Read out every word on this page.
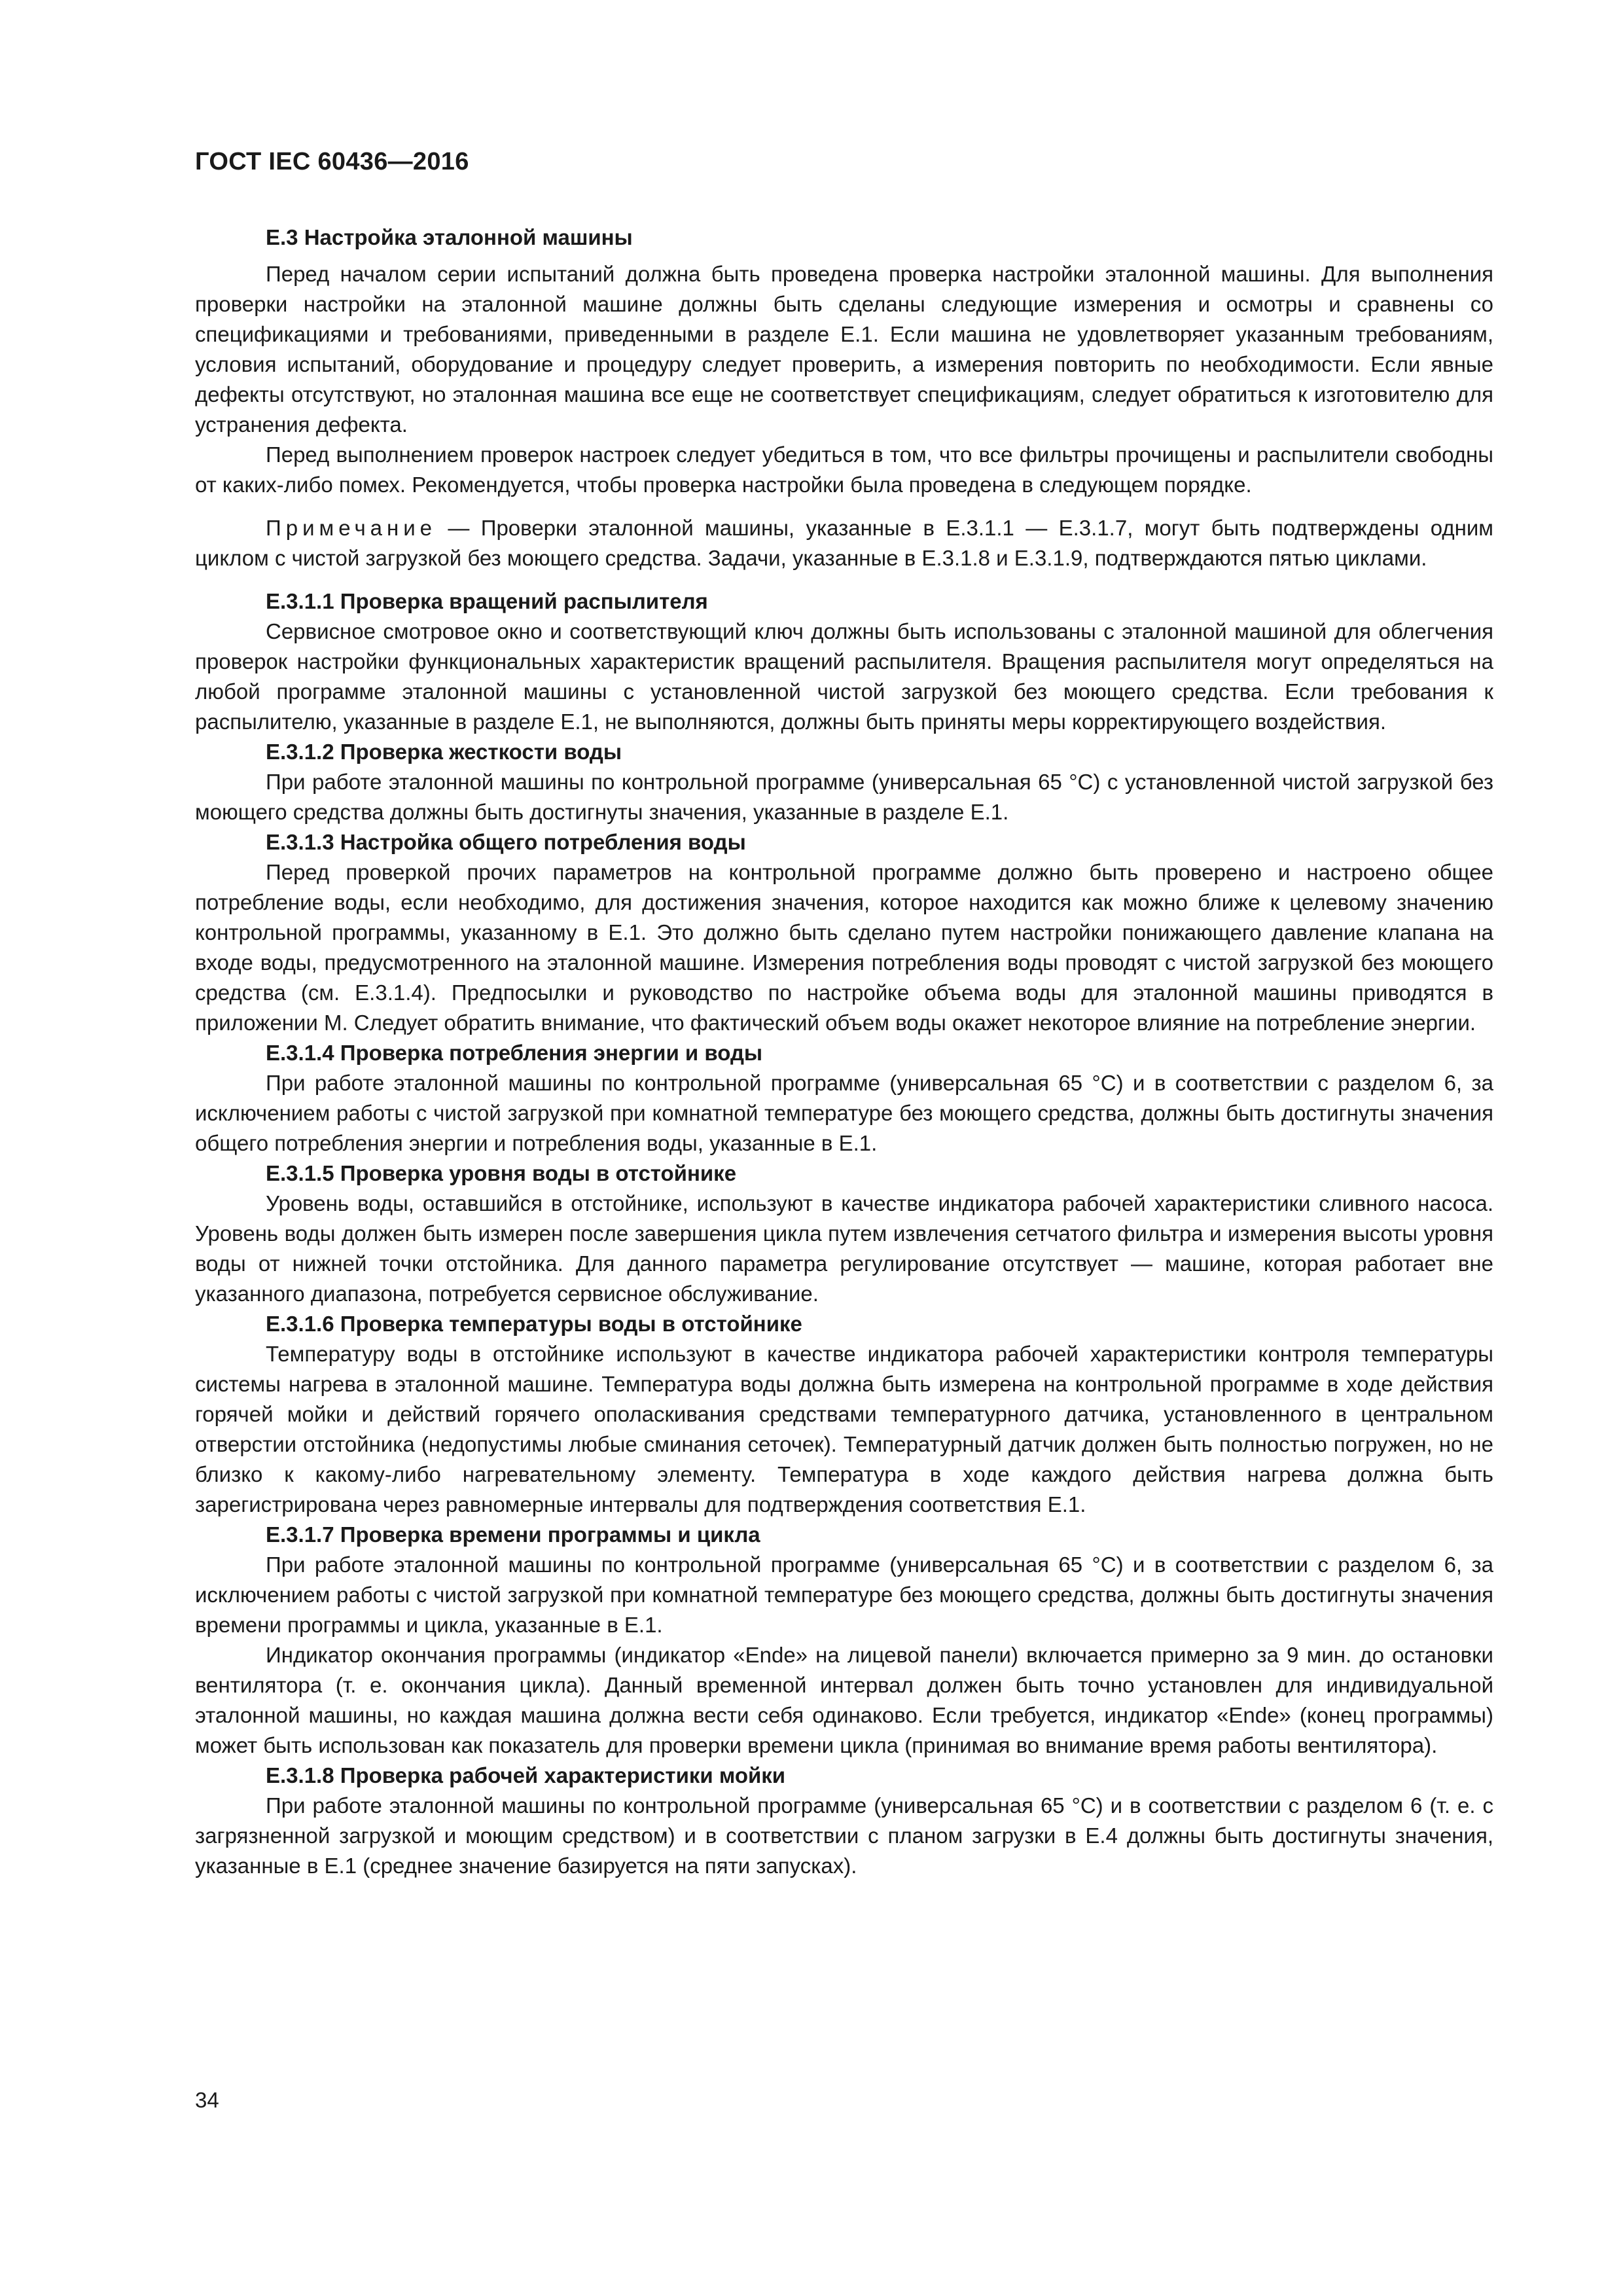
ГОСТ IEC 60436—2016
Е.3 Настройка эталонной машины

Перед началом серии испытаний должна быть проведена проверка настройки эталонной машины. Для выполнения проверки настройки на эталонной машине должны быть сделаны следующие измерения и осмотры и сравнены со спецификациями и требованиями, приведенными в разделе Е.1. Если машина не удовлетворяет указанным требованиям, условия испытаний, оборудование и процедуру следует проверить, а измерения повторить по необходимости. Если явные дефекты отсутствуют, но эталонная машина все еще не соответствует спецификациям, следует обратиться к изготовителю для устранения дефекта.

Перед выполнением проверок настроек следует убедиться в том, что все фильтры прочищены и распылители свободны от каких-либо помех. Рекомендуется, чтобы проверка настройки была проведена в следующем порядке.

Примечание — Проверки эталонной машины, указанные в Е.3.1.1 — Е.3.1.7, могут быть подтверждены одним циклом с чистой загрузкой без моющего средства. Задачи, указанные в Е.3.1.8 и Е.3.1.9, подтверждаются пятью циклами.

Е.3.1.1 Проверка вращений распылителя

Сервисное смотровое окно и соответствующий ключ должны быть использованы с эталонной машиной для облегчения проверок настройки функциональных характеристик вращений распылителя. Вращения распылителя могут определяться на любой программе эталонной машины с установленной чистой загрузкой без моющего средства. Если требования к распылителю, указанные в разделе Е.1, не выполняются, должны быть приняты меры корректирующего воздействия.

Е.3.1.2 Проверка жесткости воды

При работе эталонной машины по контрольной программе (универсальная 65 °С) с установленной чистой загрузкой без моющего средства должны быть достигнуты значения, указанные в разделе Е.1.

Е.3.1.3 Настройка общего потребления воды

Перед проверкой прочих параметров на контрольной программе должно быть проверено и настроено общее потребление воды, если необходимо, для достижения значения, которое находится как можно ближе к целевому значению контрольной программы, указанному в Е.1. Это должно быть сделано путем настройки понижающего давление клапана на входе воды, предусмотренного на эталонной машине. Измерения потребления воды проводят с чистой загрузкой без моющего средства (см. Е.3.1.4). Предпосылки и руководство по настройке объема воды для эталонной машины приводятся в приложении М. Следует обратить внимание, что фактический объем воды окажет некоторое влияние на потребление энергии.

Е.3.1.4 Проверка потребления энергии и воды

При работе эталонной машины по контрольной программе (универсальная 65 °С) и в соответствии с разделом 6, за исключением работы с чистой загрузкой при комнатной температуре без моющего средства, должны быть достигнуты значения общего потребления энергии и потребления воды, указанные в Е.1.

Е.3.1.5 Проверка уровня воды в отстойнике

Уровень воды, оставшийся в отстойнике, используют в качестве индикатора рабочей характеристики сливного насоса. Уровень воды должен быть измерен после завершения цикла путем извлечения сетчатого фильтра и измерения высоты уровня воды от нижней точки отстойника. Для данного параметра регулирование отсутствует — машине, которая работает вне указанного диапазона, потребуется сервисное обслуживание.

Е.3.1.6 Проверка температуры воды в отстойнике

Температуру воды в отстойнике используют в качестве индикатора рабочей характеристики контроля температуры системы нагрева в эталонной машине. Температура воды должна быть измерена на контрольной программе в ходе действия горячей мойки и действий горячего ополаскивания средствами температурного датчика, установленного в центральном отверстии отстойника (недопустимы любые сминания сеточек). Температурный датчик должен быть полностью погружен, но не близко к какому-либо нагревательному элементу. Температура в ходе каждого действия нагрева должна быть зарегистрирована через равномерные интервалы для подтверждения соответствия Е.1.

Е.3.1.7 Проверка времени программы и цикла

При работе эталонной машины по контрольной программе (универсальная 65 °С) и в соответствии с разделом 6, за исключением работы с чистой загрузкой при комнатной температуре без моющего средства, должны быть достигнуты значения времени программы и цикла, указанные в Е.1.

Индикатор окончания программы (индикатор «Ende» на лицевой панели) включается примерно за 9 мин. до остановки вентилятора (т. е. окончания цикла). Данный временной интервал должен быть точно установлен для индивидуальной эталонной машины, но каждая машина должна вести себя одинаково. Если требуется, индикатор «Ende» (конец программы) может быть использован как показатель для проверки времени цикла (принимая во внимание время работы вентилятора).

Е.3.1.8 Проверка рабочей характеристики мойки

При работе эталонной машины по контрольной программе (универсальная 65 °С) и в соответствии с разделом 6 (т. е. с загрязненной загрузкой и моющим средством) и в соответствии с планом загрузки в Е.4 должны быть достигнуты значения, указанные в Е.1 (среднее значение базируется на пяти запусках).

34
